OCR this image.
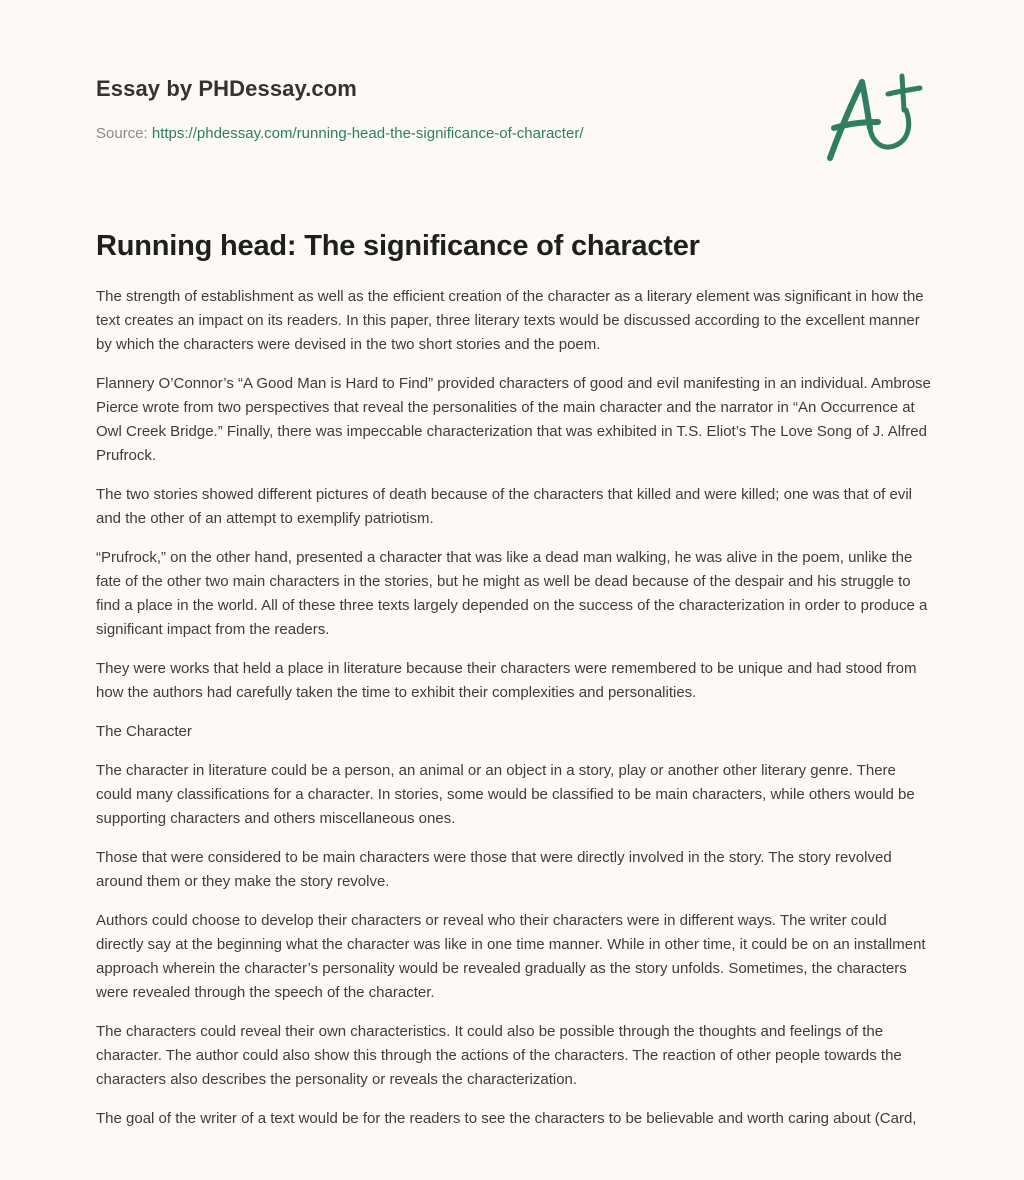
Essay by PHDessay.com
Source: https://phdessay.com/running-head-the-significance-of-character/
Running head: The significance of character

The strength of establishment as well as the efficient creation of the character as a literary element was significant in how the text creates an impact on its readers. In this paper, three literary texts would be discussed according to the excellent manner by which the characters were devised in the two short stories and the poem.

Flannery O’Connor’s “A Good Man is Hard to Find” provided characters of good and evil manifesting in an individual. Ambrose Pierce wrote from two perspectives that reveal the personalities of the main character and the narrator in “An Occurrence at Owl Creek Bridge.” Finally, there was impeccable characterization that was exhibited in T.S. Eliot’s The Love Song of J. Alfred Prufrock.

The two stories showed different pictures of death because of the characters that killed and were killed; one was that of evil and the other of an attempt to exemplify patriotism.

“Prufrock,” on the other hand, presented a character that was like a dead man walking, he was alive in the poem, unlike the fate of the other two main characters in the stories, but he might as well be dead because of the despair and his struggle to find a place in the world. All of these three texts largely depended on the success of the characterization in order to produce a significant impact from the readers.

They were works that held a place in literature because their characters were remembered to be unique and had stood from how the authors had carefully taken the time to exhibit their complexities and personalities.

The Character

The character in literature could be a person, an animal or an object in a story, play or another other literary genre. There could many classifications for a character. In stories, some would be classified to be main characters, while others would be supporting characters and others miscellaneous ones.

Those that were considered to be main characters were those that were directly involved in the story. The story revolved around them or they make the story revolve.

Authors could choose to develop their characters or reveal who their characters were in different ways. The writer could directly say at the beginning what the character was like in one time manner. While in other time, it could be on an installment approach wherein the character’s personality would be revealed gradually as the story unfolds. Sometimes, the characters were revealed through the speech of the character.

The characters could reveal their own characteristics. It could also be possible through the thoughts and feelings of the character. The author could also show this through the actions of the characters. The reaction of other people towards the characters also describes the personality or reveals the characterization.

The goal of the writer of a text would be for the readers to see the characters to be believable and worth caring about (Card,
